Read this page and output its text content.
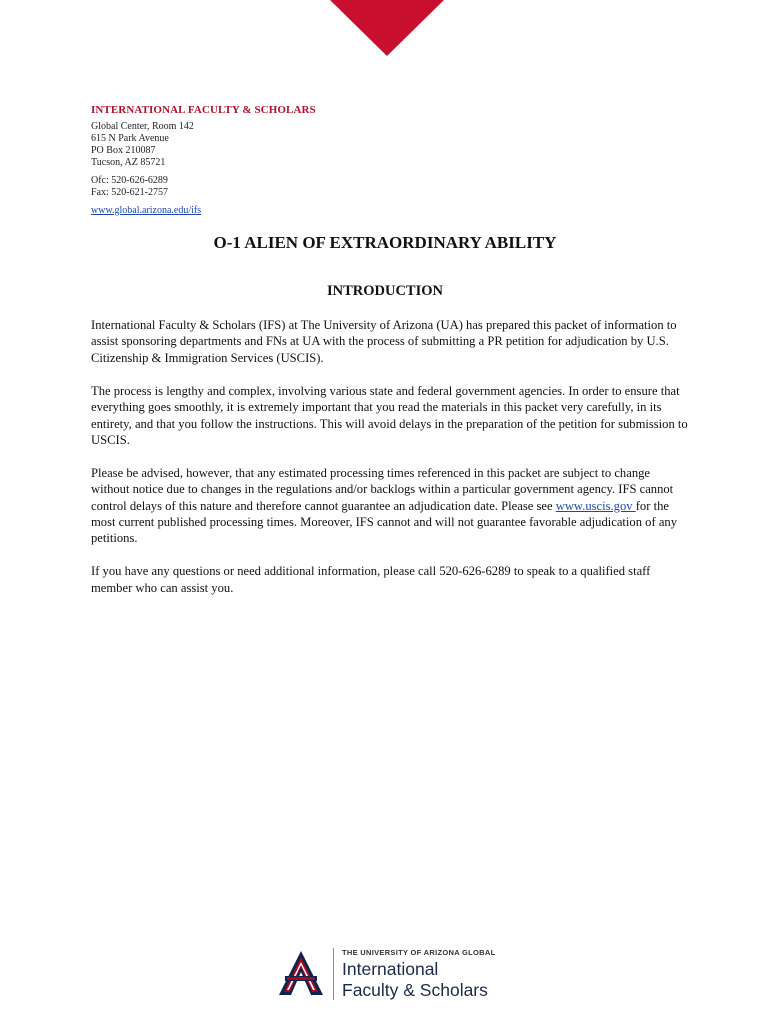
INTERNATIONAL FACULTY & SCHOLARS
Global Center, Room 142
615 N Park Avenue
PO Box 210087
Tucson, AZ 85721
Ofc: 520-626-6289
Fax: 520-621-2757
www.global.arizona.edu/ifs
O-1 ALIEN OF EXTRAORDINARY ABILITY
INTRODUCTION

International Faculty & Scholars (IFS) at The University of Arizona (UA) has prepared this packet of information to assist sponsoring departments and FNs at UA with the process of submitting a PR petition for adjudication by U.S. Citizenship & Immigration Services (USCIS).

The process is lengthy and complex, involving various state and federal government agencies. In order to ensure that everything goes smoothly, it is extremely important that you read the materials in this packet very carefully, in its entirety, and that you follow the instructions. This will avoid delays in the preparation of the petition for submission to USCIS.

Please be advised, however, that any estimated processing times referenced in this packet are subject to change without notice due to changes in the regulations and/or backlogs within a particular government agency. IFS cannot control delays of this nature and therefore cannot guarantee an adjudication date. Please see www.uscis.gov for the most current published processing times. Moreover, IFS cannot and will not guarantee favorable adjudication of any petitions.

If you have any questions or need additional information, please call 520-626-6289 to speak to a qualified staff member who can assist you.

THE UNIVERSITY OF ARIZONA GLOBAL
International
Faculty & Scholars
